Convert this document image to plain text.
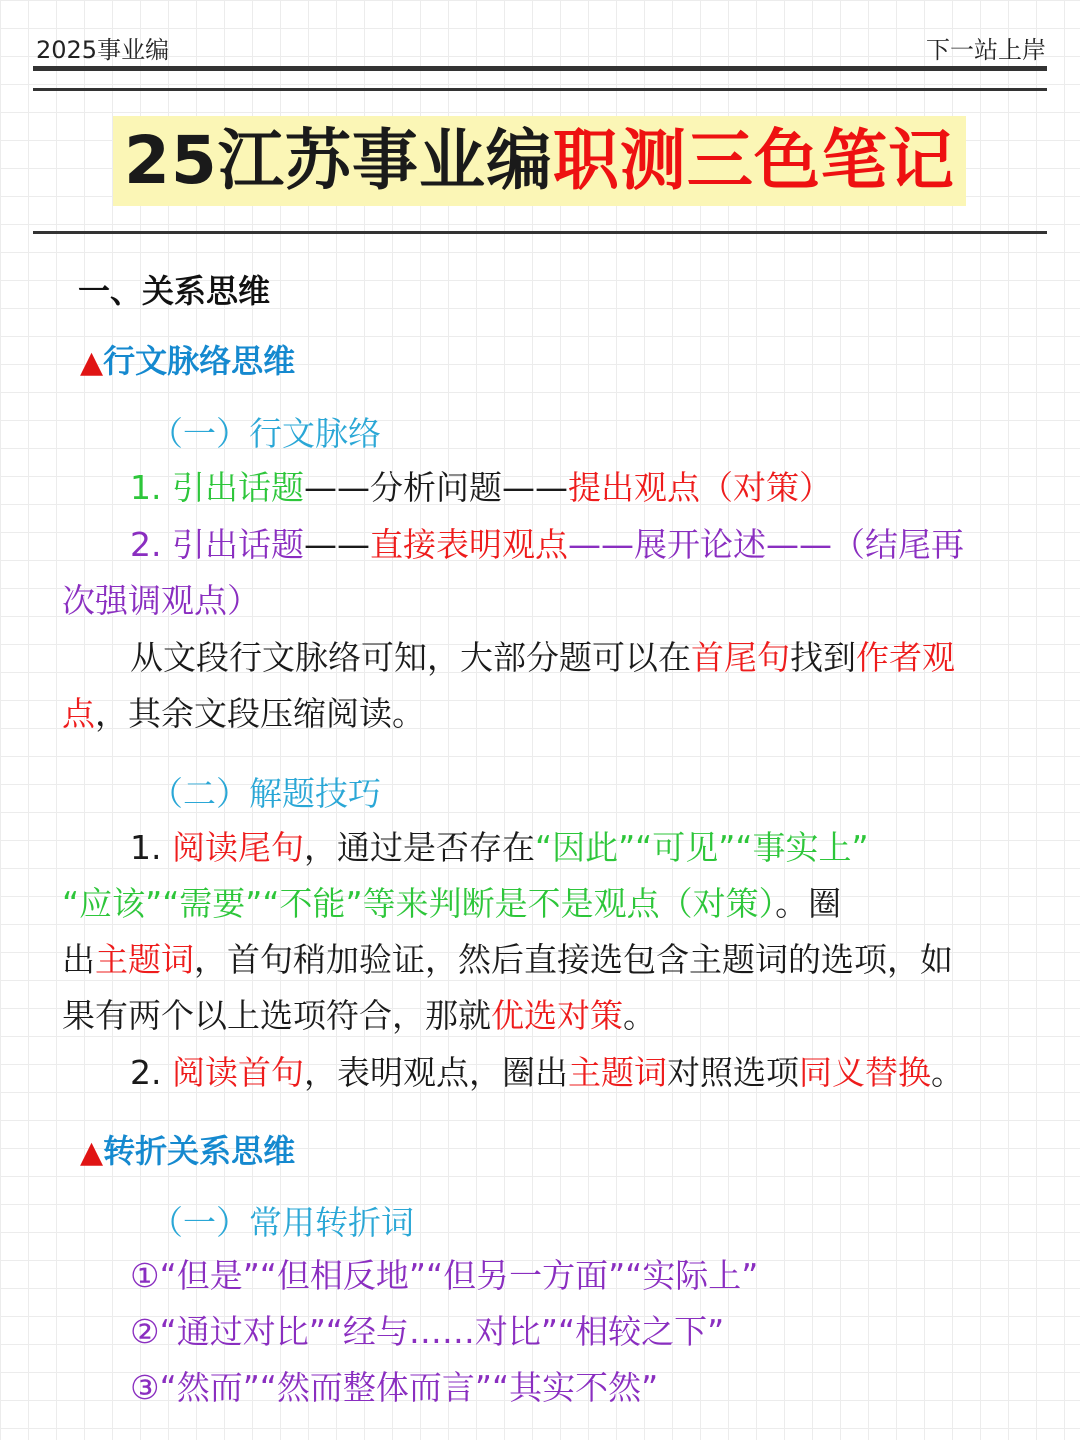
2025事业编	下一站上岸
25江苏事业编职测三色笔记
一、关系思维
▲行文脉络思维
（一）行文脉络
1. 引出话题——分析问题——提出观点（对策）
2. 引出话题——直接表明观点——展开论述——（结尾再
次强调观点）
从文段行文脉络可知，大部分题可以在首尾句找到作者观
点，其余文段压缩阅读。
（二）解题技巧
1. 阅读尾句，通过是否存在“因此”“可见”“事实上”
“应该”“需要”“不能”等来判断是不是观点（对策）。圈
出主题词，首句稍加验证，然后直接选包含主题词的选项，如
果有两个以上选项符合，那就优选对策。
2. 阅读首句，表明观点，圈出主题词对照选项同义替换。
▲转折关系思维
（一）常用转折词
①“但是”“但相反地”“但另一方面”“实际上”
②“通过对比”“经与……对比”“相较之下”
③“然而”“然而整体而言”“其实不然”
